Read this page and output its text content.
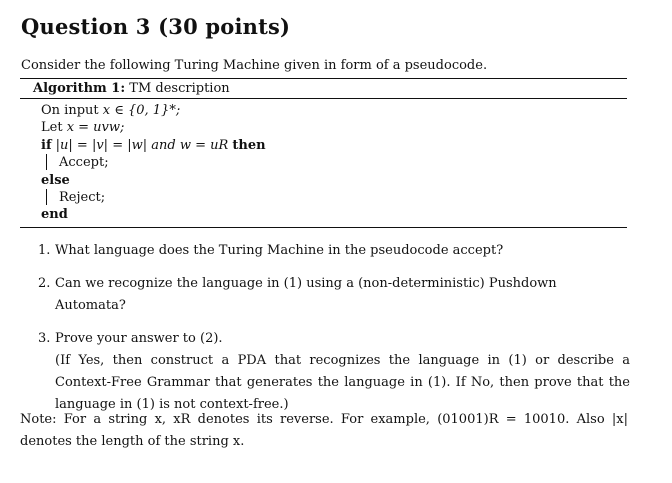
Question 3 (30 points)
Consider the following Turing Machine given in form of a pseudocode.
Algorithm 1: TM description
On input x ∈ {0, 1}*;
Let x = uvw;
if |u| = |v| = |w| and w = uR then
Accept;
else
Reject;
end
1. What language does the Turing Machine in the pseudocode accept?
2. Can we recognize the language in (1) using a (non-deterministic) Pushdown Automata?
3. Prove your answer to (2).
(If Yes, then construct a PDA that recognizes the language in (1) or describe a Context-Free Grammar that generates the language in (1). If No, then prove that the language in (1) is not context-free.)
Note: For a string x, xR denotes its reverse. For example, (01001)R = 10010. Also |x| denotes the length of the string x.
